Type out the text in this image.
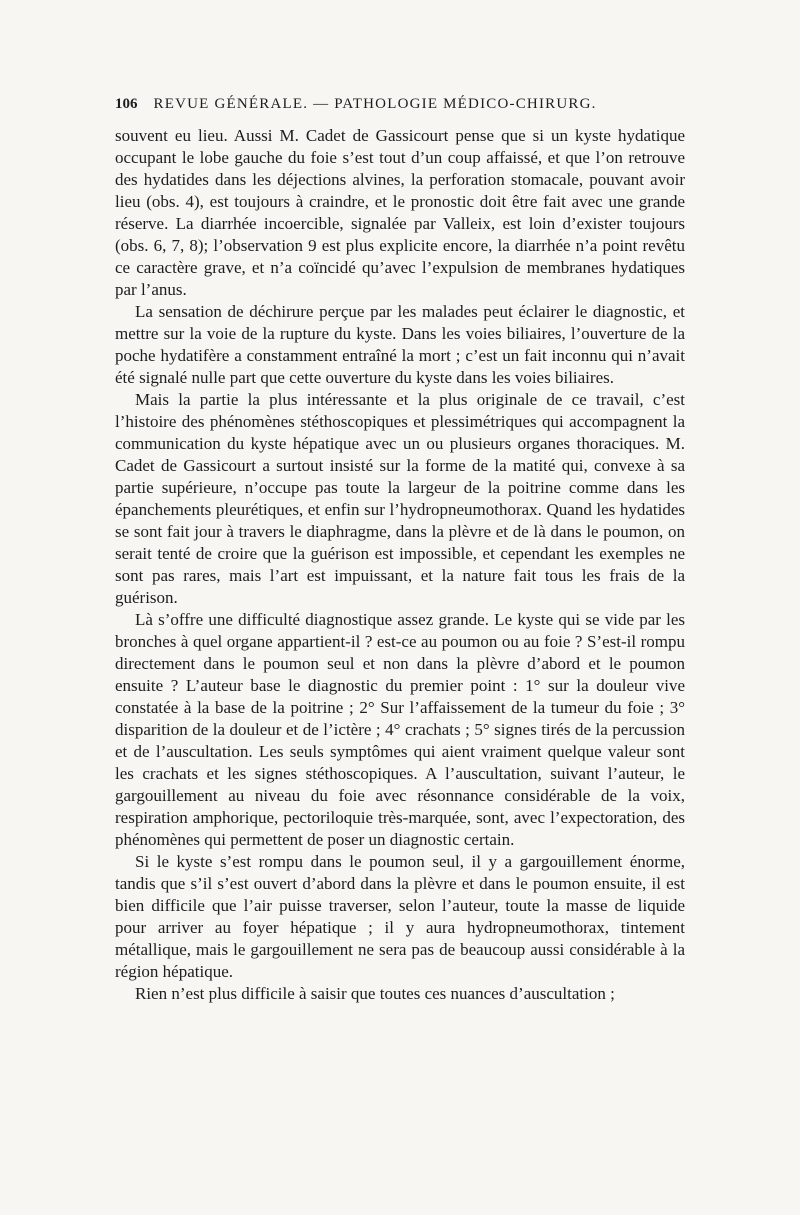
106 REVUE GÉNÉRALE. — PATHOLOGIE MÉDICO-CHIRURG.

souvent eu lieu. Aussi M. Cadet de Gassicourt pense que si un kyste hydatique occupant le lobe gauche du foie s’est tout d’un coup affaissé, et que l’on retrouve des hydatides dans les déjections alvines, la perforation stomacale, pouvant avoir lieu (obs. 4), est toujours à craindre, et le pronostic doit être fait avec une grande réserve. La diarrhée incoercible, signalée par Valleix, est loin d’exister toujours (obs. 6, 7, 8); l’observation 9 est plus explicite encore, la diarrhée n’a point revêtu ce caractère grave, et n’a coïncidé qu’avec l’expulsion de membranes hydatiques par l’anus.

La sensation de déchirure perçue par les malades peut éclairer le diagnostic, et mettre sur la voie de la rupture du kyste. Dans les voies biliaires, l’ouverture de la poche hydatifère a constamment entraîné la mort ; c’est un fait inconnu qui n’avait été signalé nulle part que cette ouverture du kyste dans les voies biliaires.

Mais la partie la plus intéressante et la plus originale de ce travail, c’est l’histoire des phénomènes stéthoscopiques et plessimétriques qui accompagnent la communication du kyste hépatique avec un ou plusieurs organes thoraciques. M. Cadet de Gassicourt a surtout insisté sur la forme de la matité qui, convexe à sa partie supérieure, n’occupe pas toute la largeur de la poitrine comme dans les épanchements pleurétiques, et enfin sur l’hydropneumothorax. Quand les hydatides se sont fait jour à travers le diaphragme, dans la plèvre et de là dans le poumon, on serait tenté de croire que la guérison est impossible, et cependant les exemples ne sont pas rares, mais l’art est impuissant, et la nature fait tous les frais de la guérison.

Là s’offre une difficulté diagnostique assez grande. Le kyste qui se vide par les bronches à quel organe appartient-il ? est-ce au poumon ou au foie ? S’est-il rompu directement dans le poumon seul et non dans la plèvre d’abord et le poumon ensuite ? L’auteur base le diagnostic du premier point : 1° sur la douleur vive constatée à la base de la poitrine ; 2° Sur l’affaissement de la tumeur du foie ; 3° disparition de la douleur et de l’ictère ; 4° crachats ; 5° signes tirés de la percussion et de l’auscultation. Les seuls symptômes qui aient vraiment quelque valeur sont les crachats et les signes stéthoscopiques. A l’auscultation, suivant l’auteur, le gargouillement au niveau du foie avec résonnance considérable de la voix, respiration amphorique, pectoriloquie très-marquée, sont, avec l’expectoration, des phénomènes qui permettent de poser un diagnostic certain.

Si le kyste s’est rompu dans le poumon seul, il y a gargouillement énorme, tandis que s’il s’est ouvert d’abord dans la plèvre et dans le poumon ensuite, il est bien difficile que l’air puisse traverser, selon l’auteur, toute la masse de liquide pour arriver au foyer hépatique ; il y aura hydropneumothorax, tintement métallique, mais le gargouillement ne sera pas de beaucoup aussi considérable à la région hépatique.

Rien n’est plus difficile à saisir que toutes ces nuances d’auscultation ;
